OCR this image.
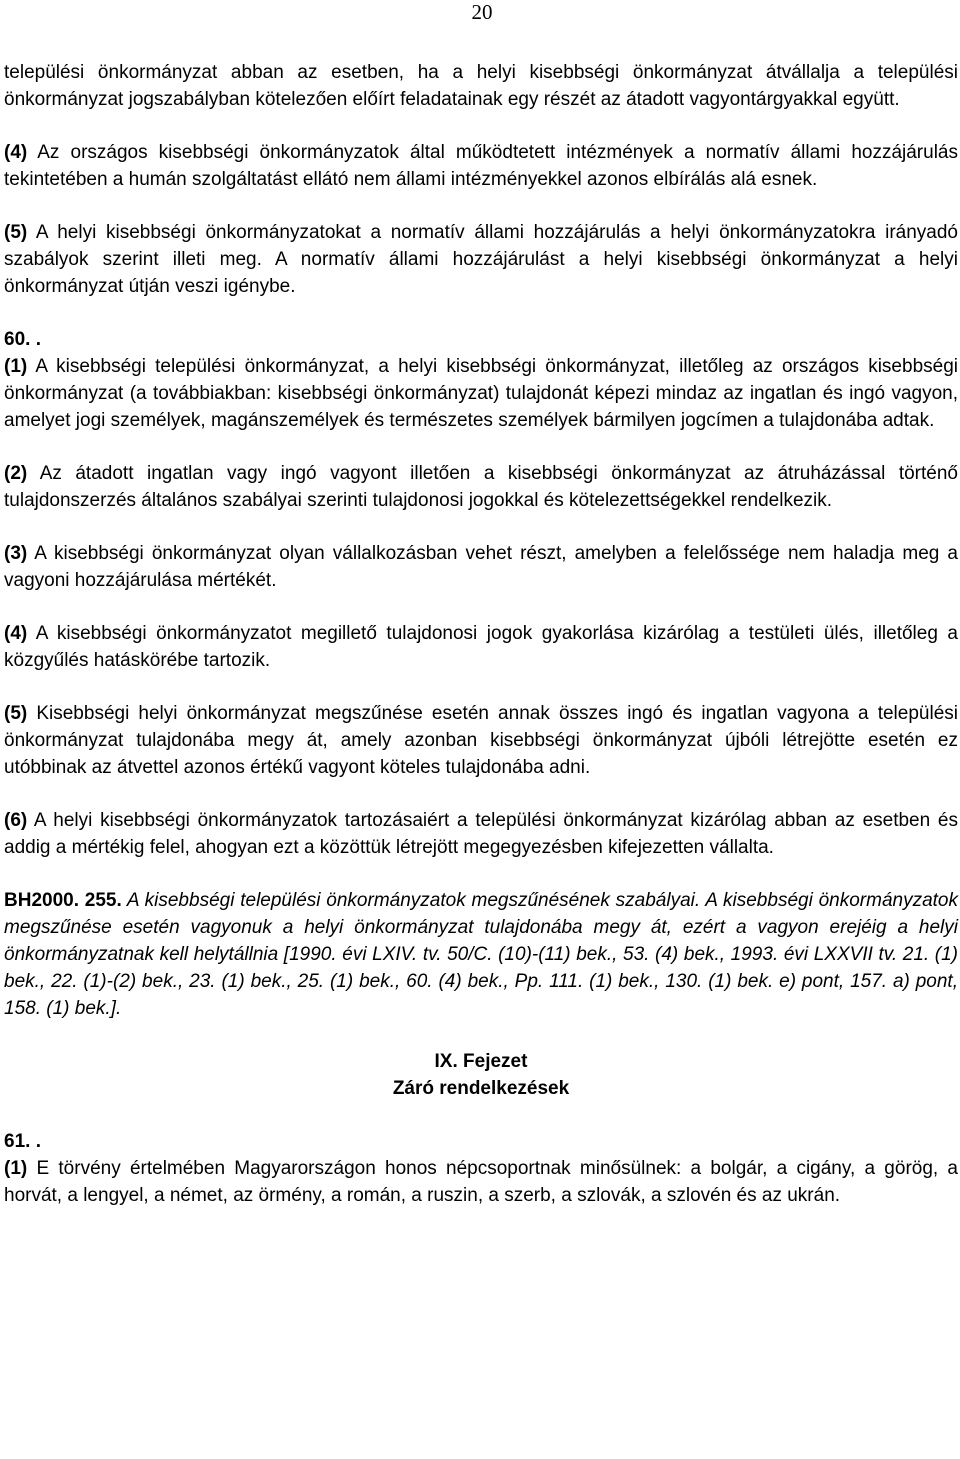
20

települési önkormányzat abban az esetben, ha a helyi kisebbségi önkormányzat átvállalja a települési önkormányzat jogszabályban kötelezően előírt feladatainak egy részét az átadott vagyontárgyakkal együtt.

(4) Az országos kisebbségi önkormányzatok által működtetett intézmények a normatív állami hozzájárulás tekintetében a humán szolgáltatást ellátó nem állami intézményekkel azonos elbírálás alá esnek.

(5) A helyi kisebbségi önkormányzatokat a normatív állami hozzájárulás a helyi önkormányzatokra irányadó szabályok szerint illeti meg. A normatív állami hozzájárulást a helyi kisebbségi önkormányzat a helyi önkormányzat útján veszi igénybe.

60. .

(1) A kisebbségi települési önkormányzat, a helyi kisebbségi önkormányzat, illetőleg az országos kisebbségi önkormányzat (a továbbiakban: kisebbségi önkormányzat) tulajdonát képezi mindaz az ingatlan és ingó vagyon, amelyet jogi személyek, magánszemélyek és természetes személyek bármilyen jogcímen a tulajdonába adtak.

(2) Az átadott ingatlan vagy ingó vagyont illetően a kisebbségi önkormányzat az átruházással történő tulajdonszerzés általános szabályai szerinti tulajdonosi jogokkal és kötelezettségekkel rendelkezik.

(3) A kisebbségi önkormányzat olyan vállalkozásban vehet részt, amelyben a felelőssége nem haladja meg a vagyoni hozzájárulása mértékét.

(4) A kisebbségi önkormányzatot megillető tulajdonosi jogok gyakorlása kizárólag a testületi ülés, illetőleg a közgyűlés hatáskörébe tartozik.

(5) Kisebbségi helyi önkormányzat megszűnése esetén annak összes ingó és ingatlan vagyona a települési önkormányzat tulajdonába megy át, amely azonban kisebbségi önkormányzat újbóli létrejötte esetén ez utóbbinak az átvettel azonos értékű vagyont köteles tulajdonába adni.

(6) A helyi kisebbségi önkormányzatok tartozásaiért a települési önkormányzat kizárólag abban az esetben és addig a mértékig felel, ahogyan ezt a közöttük létrejött megegyezésben kifejezetten vállalta.

BH2000. 255. A kisebbségi települési önkormányzatok megszűnésének szabályai. A kisebbségi önkormányzatok megszűnése esetén vagyonuk a helyi önkormányzat tulajdonába megy át, ezért a vagyon erejéig a helyi önkormányzatnak kell helytállnia [1990. évi LXIV. tv. 50/C. (10)-(11) bek., 53. (4) bek., 1993. évi LXXVII tv. 21. (1) bek., 22. (1)-(2) bek., 23. (1) bek., 25. (1) bek., 60. (4) bek., Pp. 111. (1) bek., 130. (1) bek. e) pont, 157. a) pont, 158. (1) bek.].

IX. Fejezet
Záró rendelkezések
61. .

(1) E törvény értelmében Magyarországon honos népcsoportnak minősülnek: a bolgár, a cigány, a görög, a horvát, a lengyel, a német, az örmény, a román, a ruszin, a szerb, a szlovák, a szlovén és az ukrán.
